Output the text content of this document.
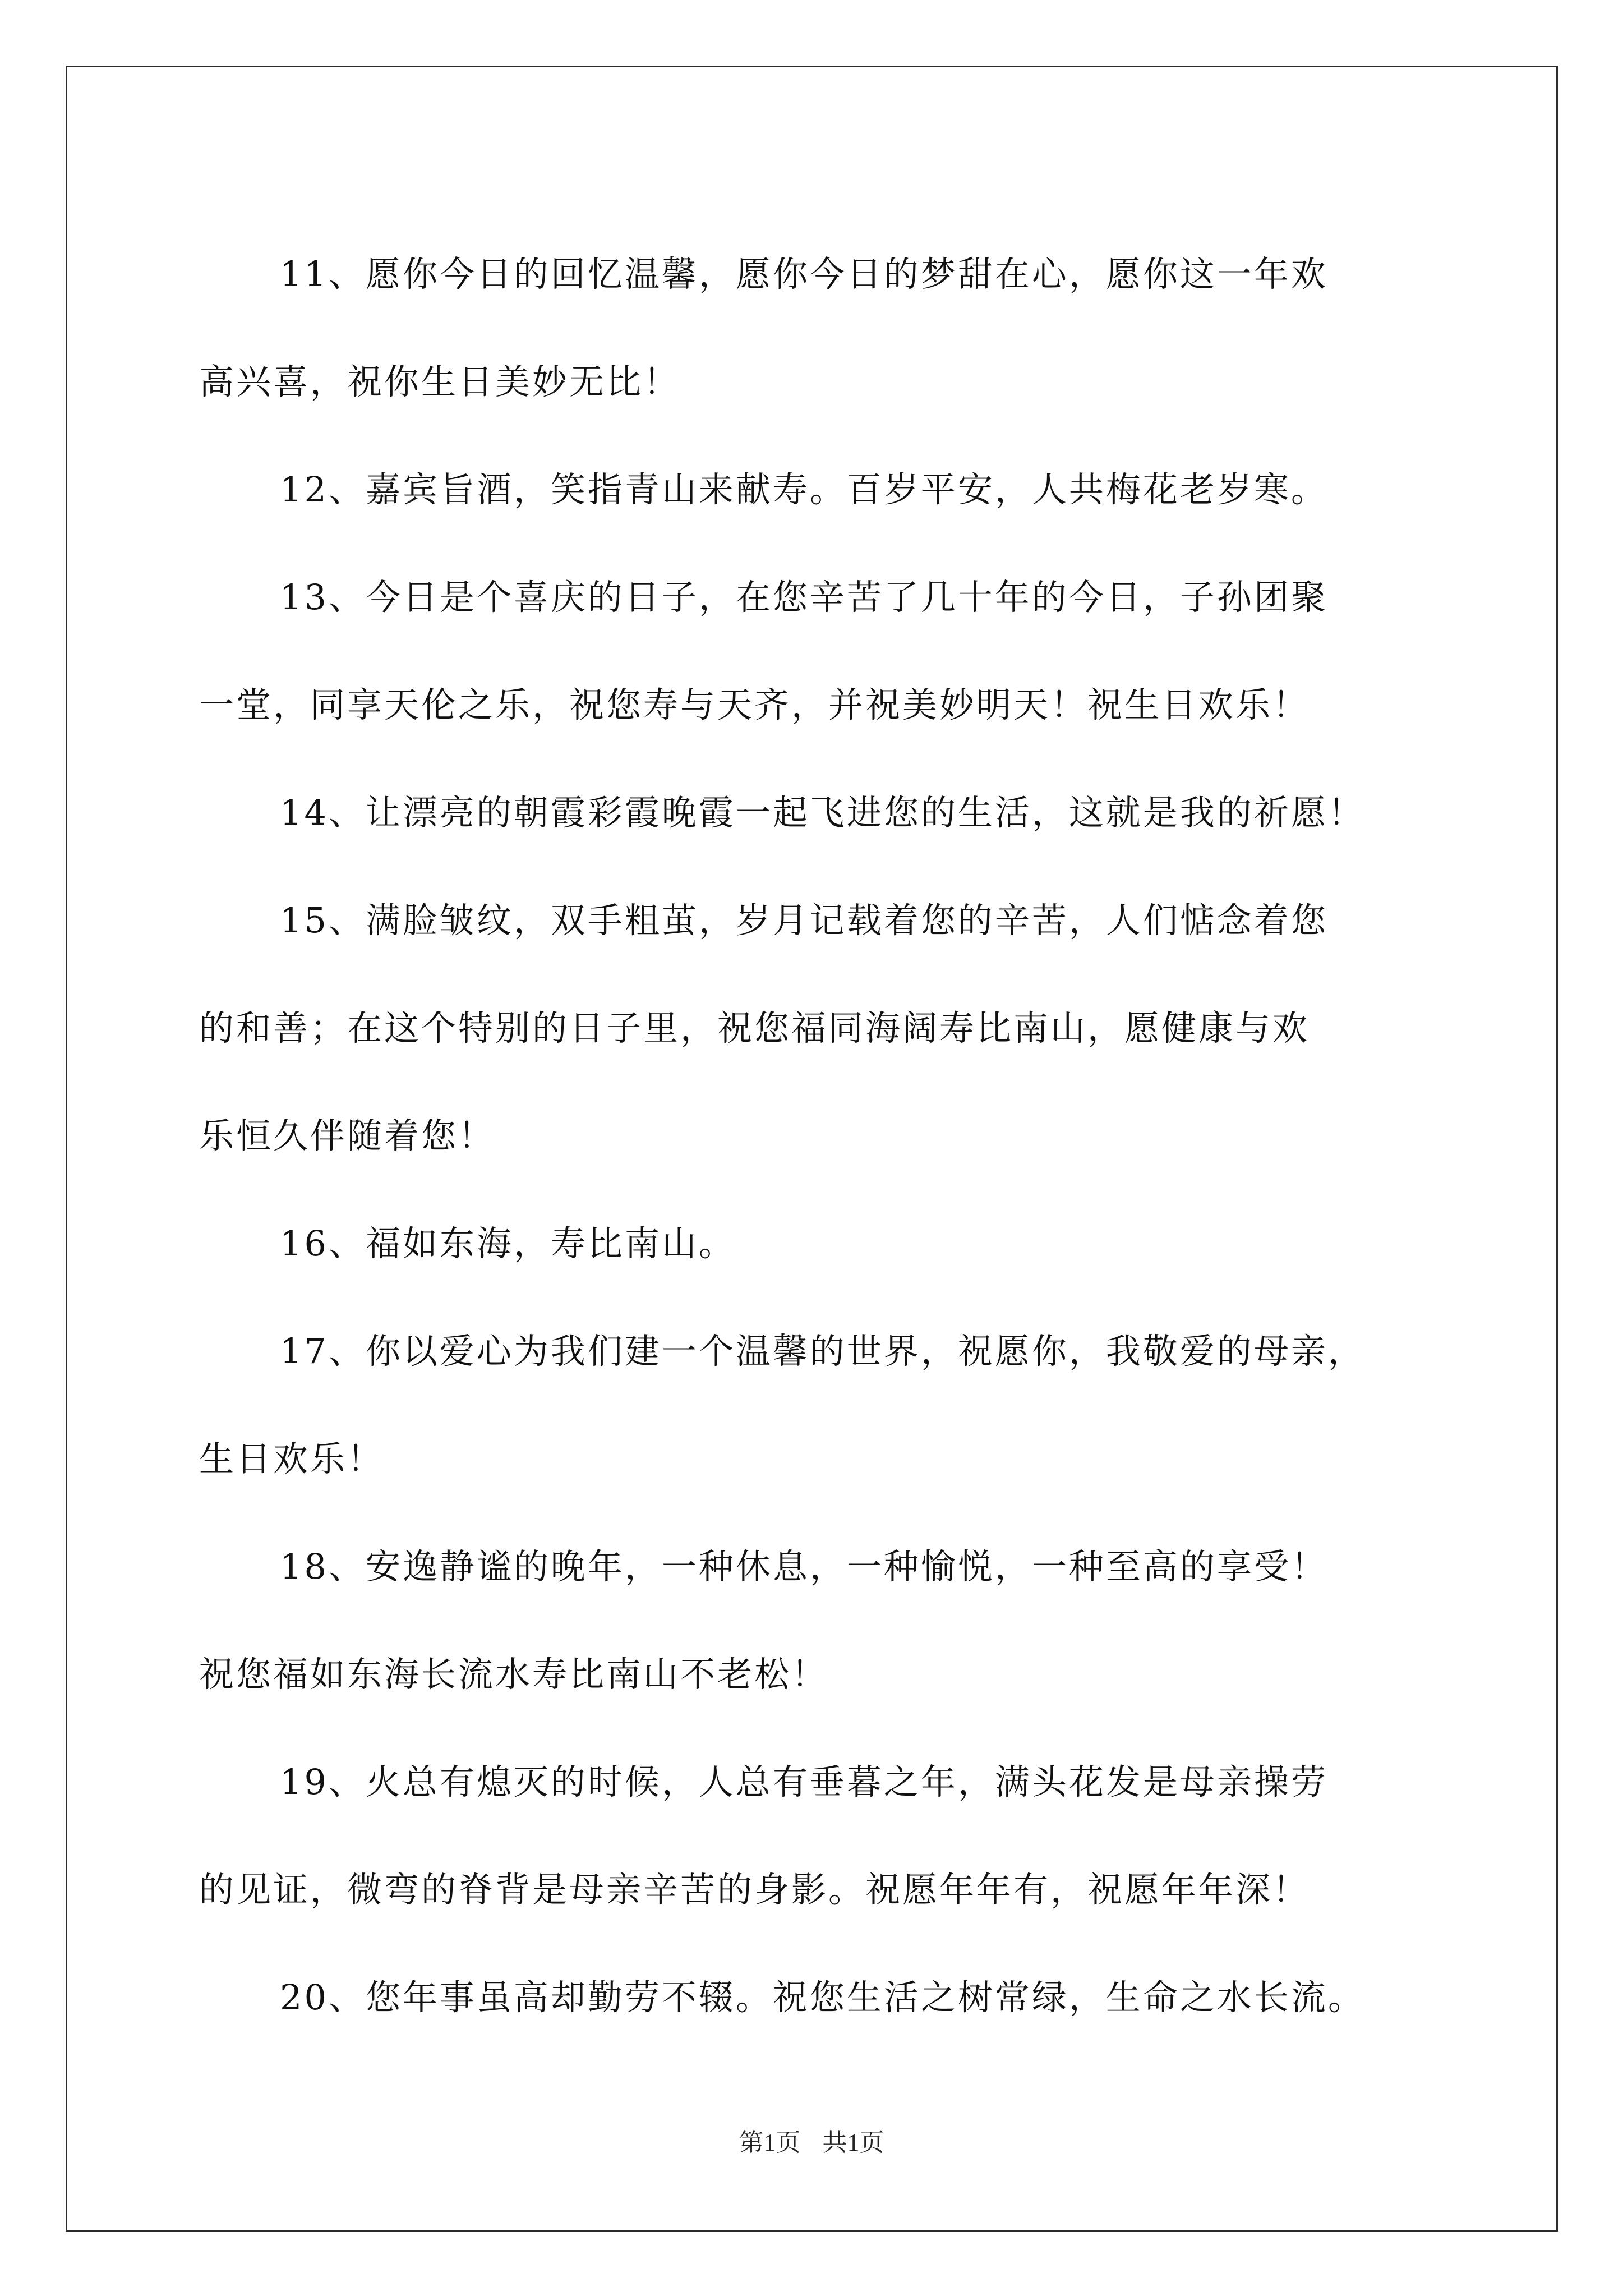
11、愿你今日的回忆温馨，愿你今日的梦甜在心，愿你这一年欢
高兴喜，祝你生日美妙无比！
12、嘉宾旨酒，笑指青山来献寿。百岁平安，人共梅花老岁寒。
13、今日是个喜庆的日子，在您辛苦了几十年的今日，子孙团聚
一堂，同享天伦之乐，祝您寿与天齐，并祝美妙明天！祝生日欢乐！
14、让漂亮的朝霞彩霞晚霞一起飞进您的生活，这就是我的祈愿！
15、满脸皱纹，双手粗茧，岁月记载着您的辛苦，人们惦念着您
的和善；在这个特别的日子里，祝您福同海阔寿比南山，愿健康与欢
乐恒久伴随着您！
16、福如东海，寿比南山。
17、你以爱心为我们建一个温馨的世界，祝愿你，我敬爱的母亲，
生日欢乐！
18、安逸静谧的晚年，一种休息，一种愉悦，一种至高的享受！
祝您福如东海长流水寿比南山不老松！
19、火总有熄灭的时候，人总有垂暮之年，满头花发是母亲操劳
的见证，微弯的脊背是母亲辛苦的身影。祝愿年年有，祝愿年年深！
20、您年事虽高却勤劳不辍。祝您生活之树常绿，生命之水长流。
第1页 共1页
